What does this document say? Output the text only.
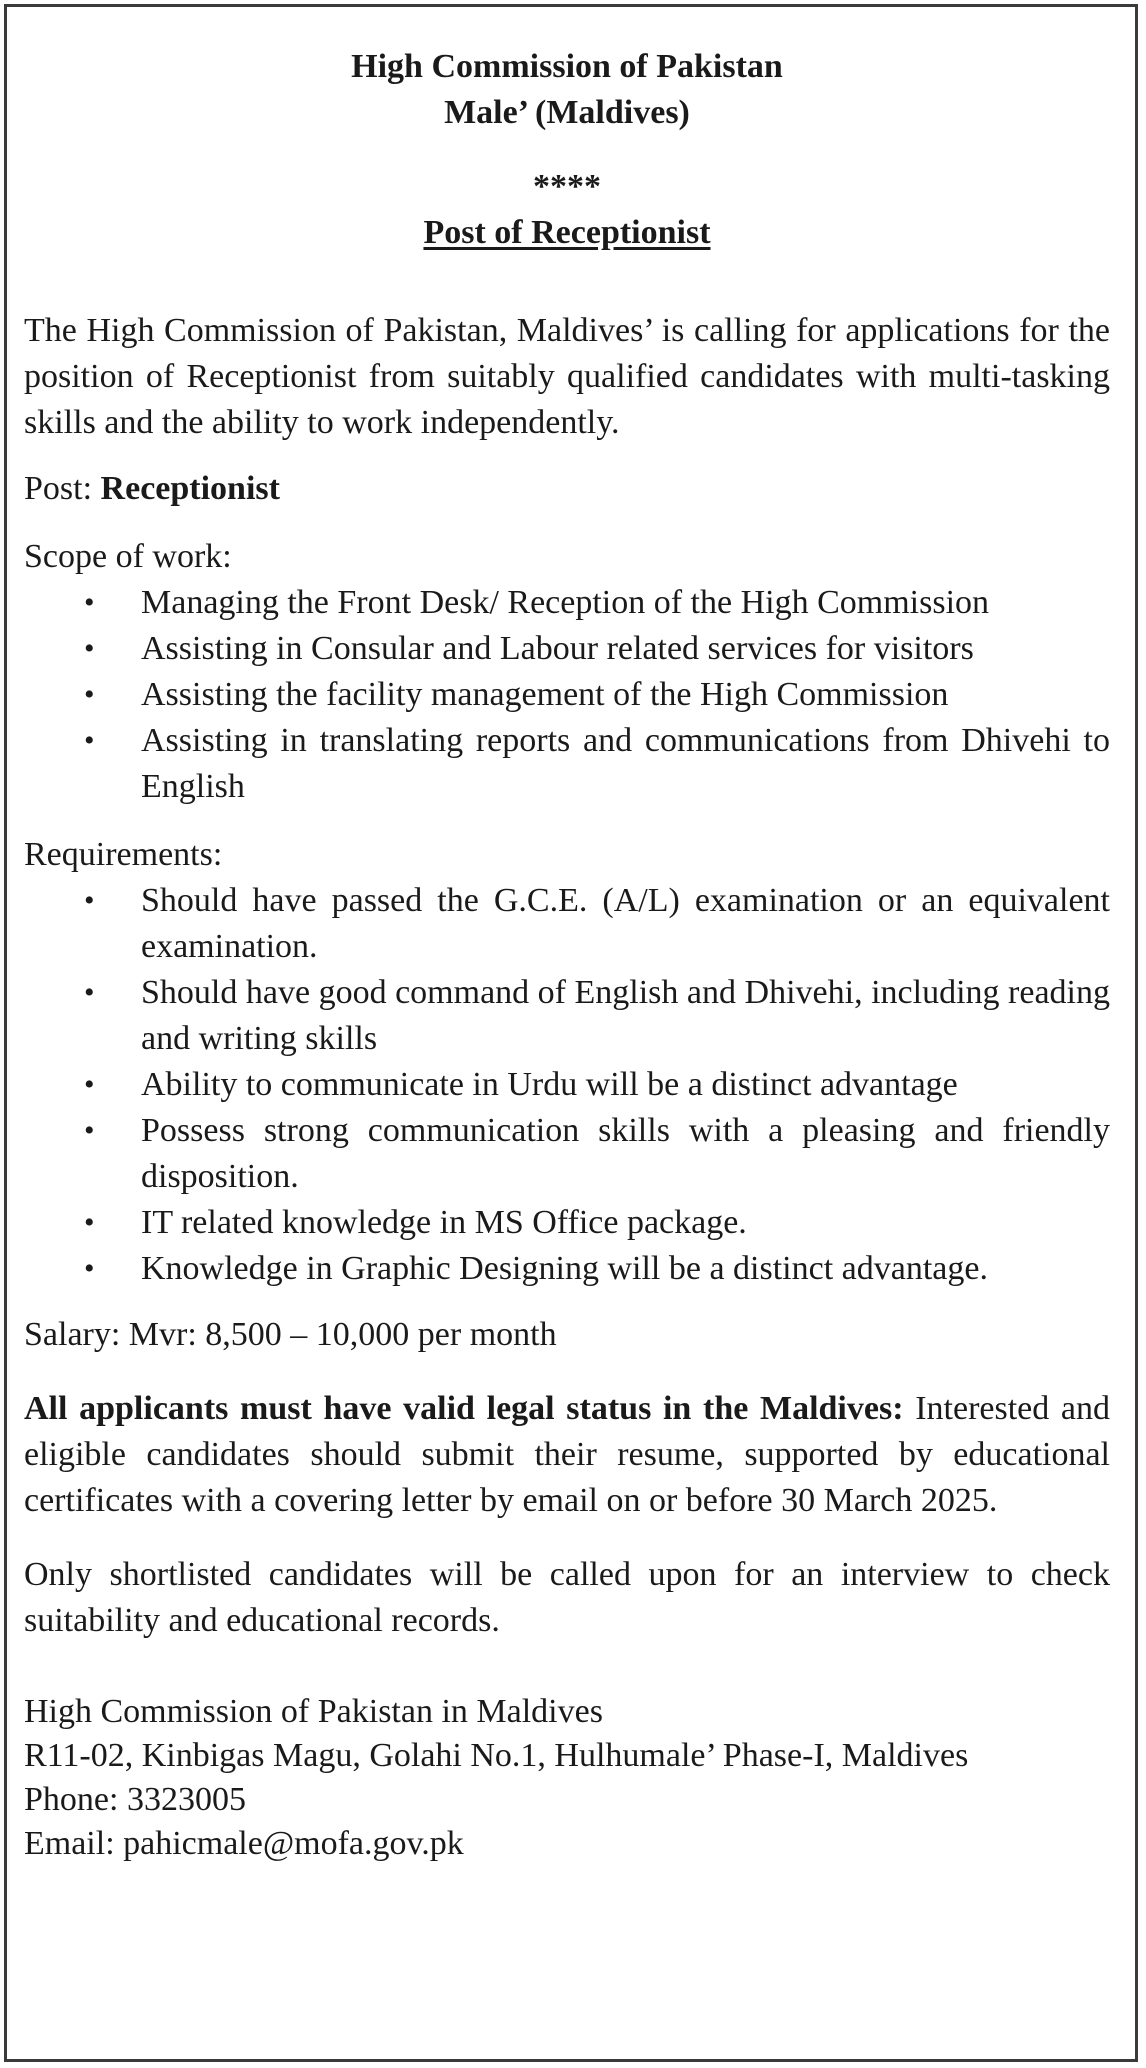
High Commission of Pakistan
Male’ (Maldives)
****
Post of Receptionist

The High Commission of Pakistan, Maldives’ is calling for applications for the position of Receptionist from suitably qualified candidates with multi-tasking skills and the ability to work independently.

Post: Receptionist
Scope of work:
• Managing the Front Desk/ Reception of the High Commission
• Assisting in Consular and Labour related services for visitors
• Assisting the facility management of the High Commission
• Assisting in translating reports and communications from Dhivehi to English
Requirements:
• Should have passed the G.C.E. (A/L) examination or an equivalent examination.
• Should have good command of English and Dhivehi, including reading and writing skills
• Ability to communicate in Urdu will be a distinct advantage
• Possess strong communication skills with a pleasing and friendly disposition.
• IT related knowledge in MS Office package.
• Knowledge in Graphic Designing will be a distinct advantage.
Salary: Mvr: 8,500 – 10,000 per month

All applicants must have valid legal status in the Maldives: Interested and eligible candidates should submit their resume, supported by educational certificates with a covering letter by email on or before 30 March 2025.

Only shortlisted candidates will be called upon for an interview to check suitability and educational records.

High Commission of Pakistan in Maldives
R11-02, Kinbigas Magu, Golahi No.1, Hulhumale’ Phase-I, Maldives
Phone: 3323005
Email: pahicmale@mofa.gov.pk
